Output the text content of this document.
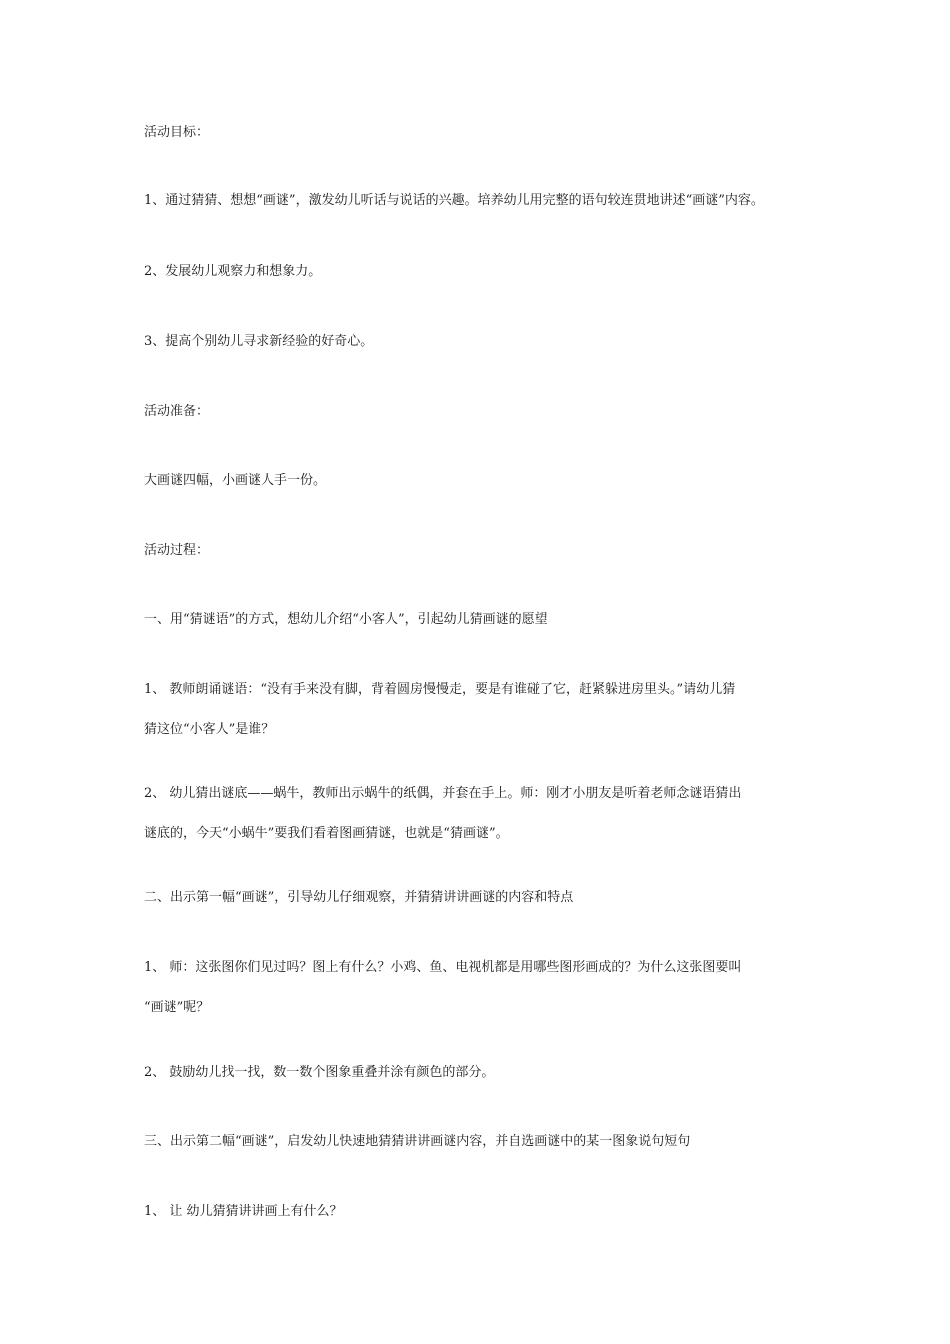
活动目标：

1、通过猜猜、想想“画谜”，激发幼儿听话与说话的兴趣。培养幼儿用完整的语句较连贯地讲述“画谜”内容。

2、发展幼儿观察力和想象力。

3、提高个别幼儿寻求新经验的好奇心。

活动准备：

大画谜四幅，小画谜人手一份。

活动过程：

一、用“猜谜语”的方式，想幼儿介绍“小客人”，引起幼儿猜画谜的愿望

1、 教师朗诵谜语：“没有手来没有脚，背着圆房慢慢走，要是有谁碰了它，赶紧躲进房里头。”请幼儿猜
猜这位“小客人”是谁？

2、 幼儿猜出谜底——蜗牛，教师出示蜗牛的纸偶，并套在手上。师：刚才小朋友是听着老师念谜语猜出
谜底的，今天“小蜗牛”要我们看着图画猜谜，也就是“猜画谜”。

二、出示第一幅“画谜”，引导幼儿仔细观察，并猜猜讲讲画谜的内容和特点

1、 师：这张图你们见过吗？图上有什么？小鸡、鱼、电视机都是用哪些图形画成的？为什么这张图要叫
“画谜”呢？

2、 鼓励幼儿找一找，数一数个图象重叠并涂有颜色的部分。

三、出示第二幅“画谜”，启发幼儿快速地猜猜讲讲画谜内容，并自选画谜中的某一图象说句短句

1、 让 幼儿猜猜讲讲画上有什么？
